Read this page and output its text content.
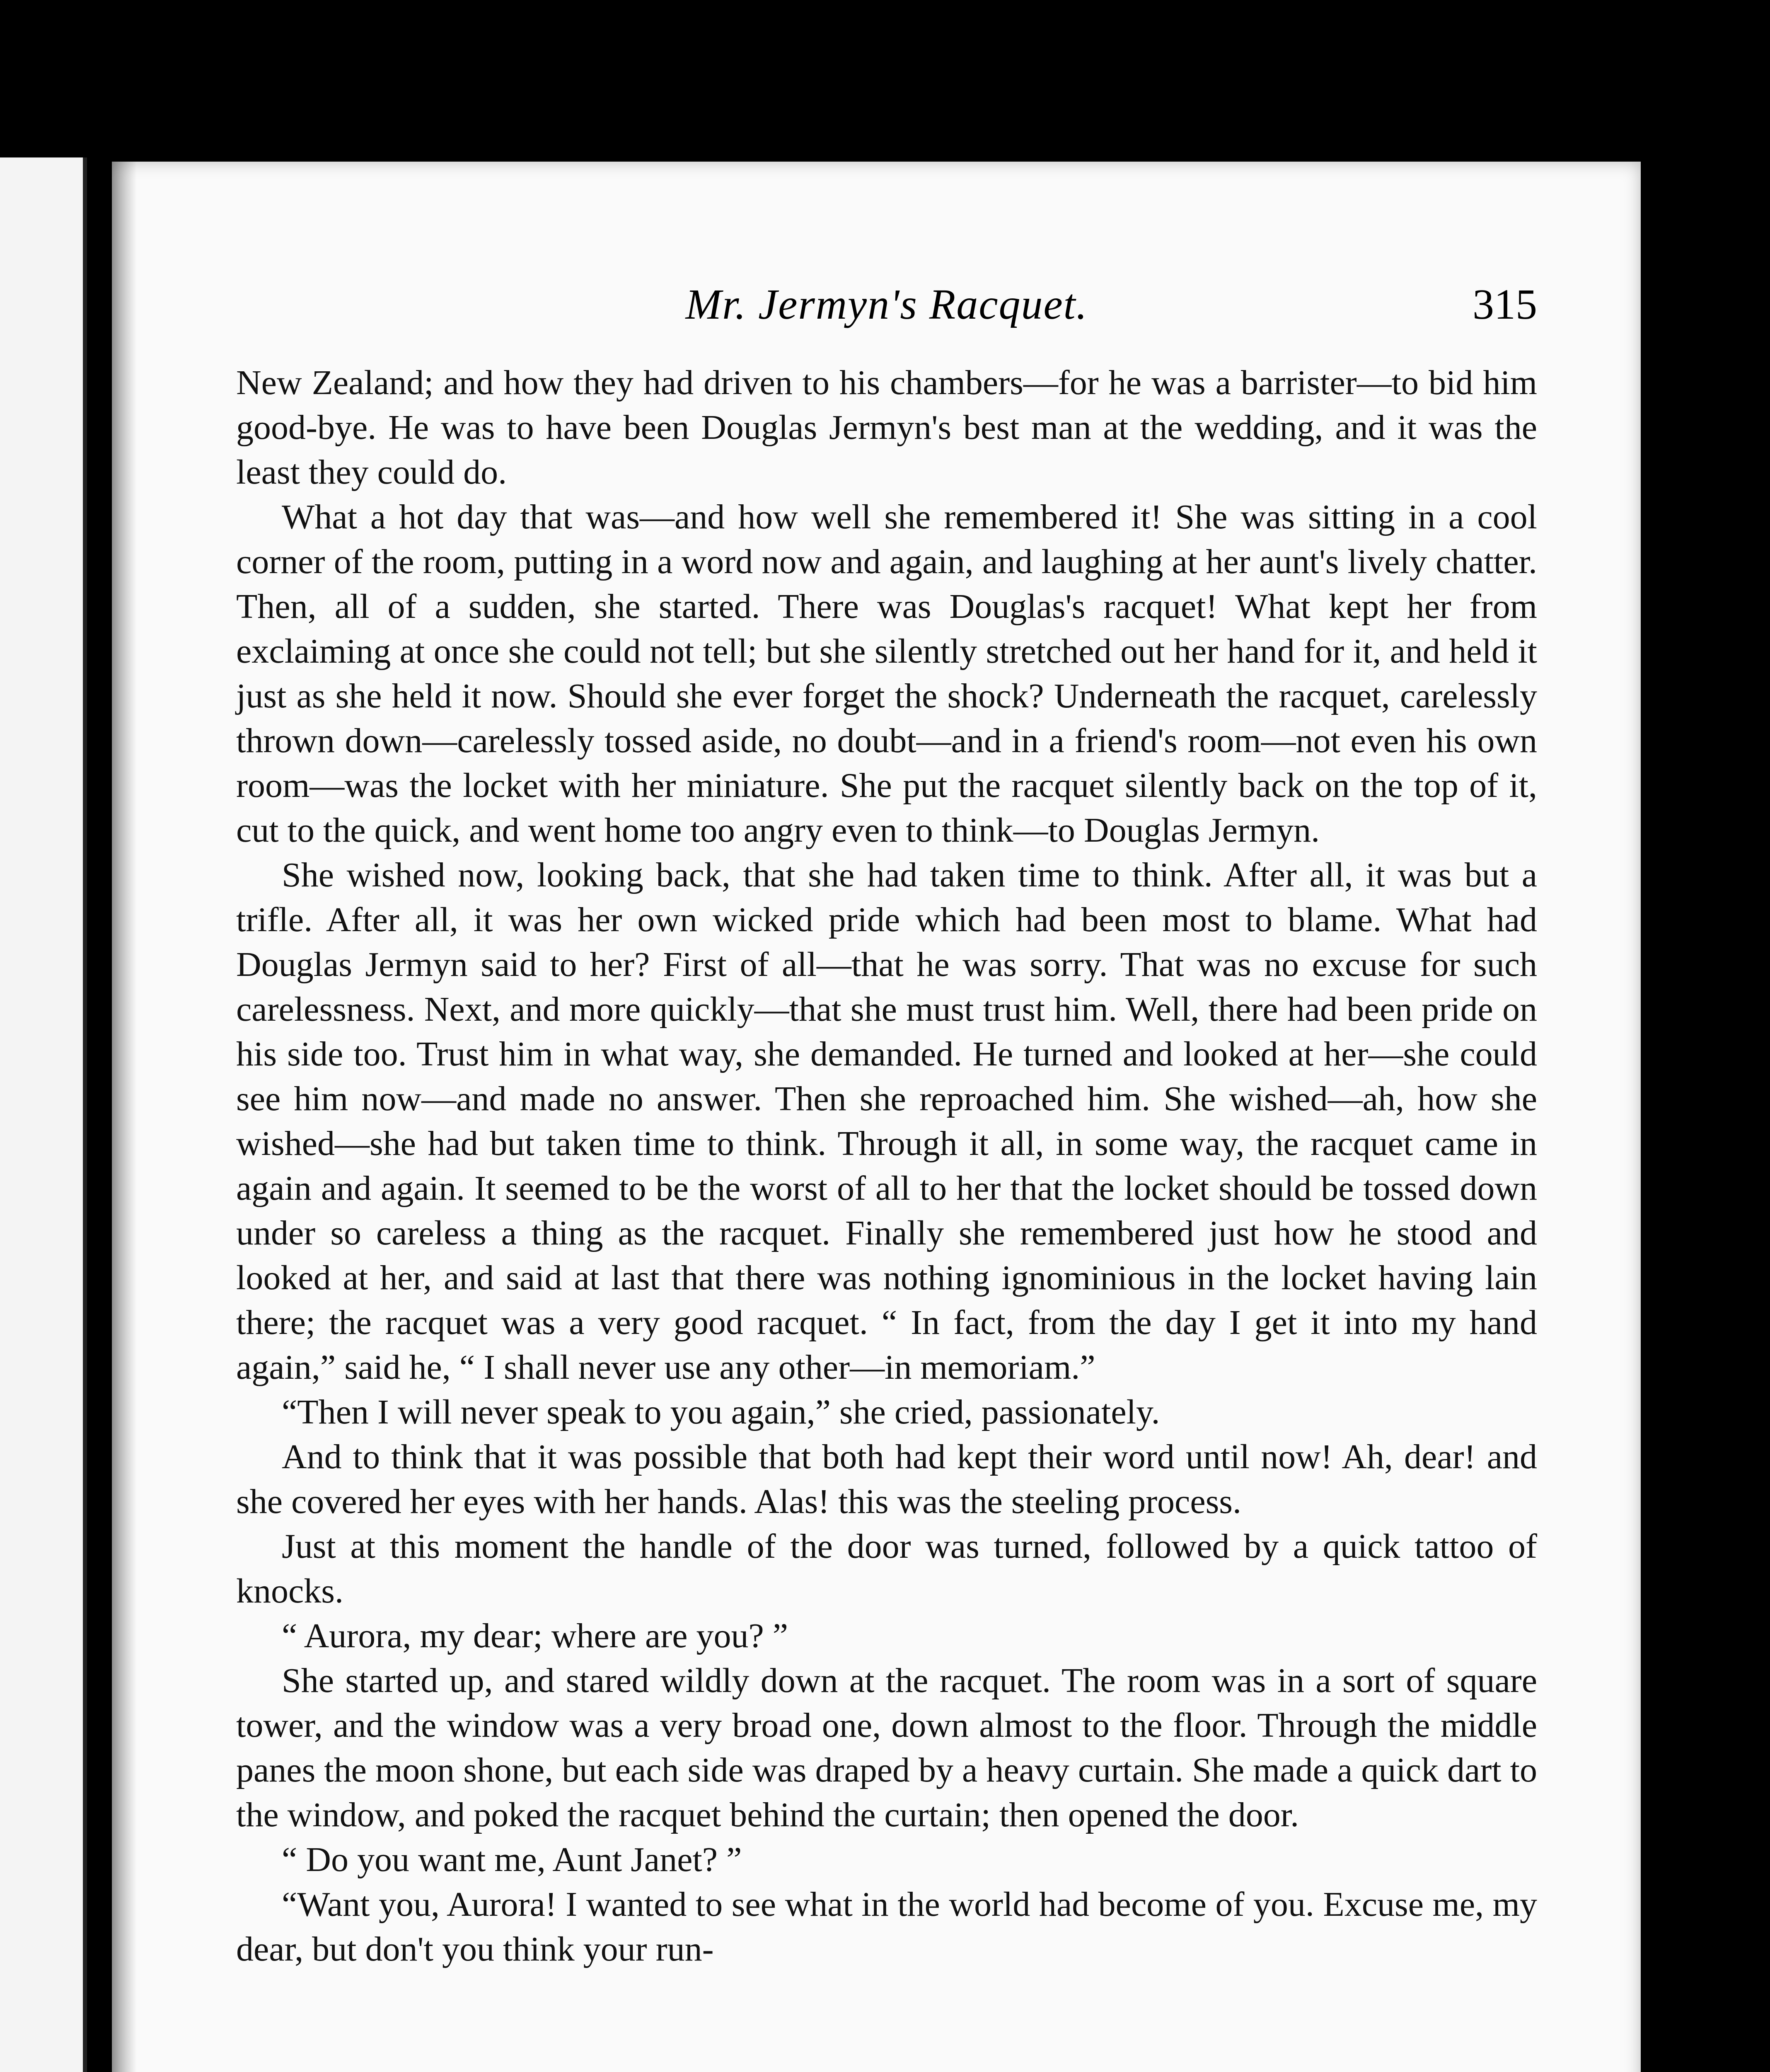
Mr. Jermyn's Racquet.	315

New Zealand; and how they had driven to his chambers—for he was a barrister—to bid him good-bye. He was to have been Douglas Jermyn's best man at the wedding, and it was the least they could do.

What a hot day that was—and how well she remembered it! She was sitting in a cool corner of the room, putting in a word now and again, and laughing at her aunt's lively chatter. Then, all of a sudden, she started. There was Douglas's racquet! What kept her from exclaiming at once she could not tell; but she silently stretched out her hand for it, and held it just as she held it now. Should she ever forget the shock? Underneath the racquet, carelessly thrown down—carelessly tossed aside, no doubt—and in a friend's room—not even his own room—was the locket with her miniature. She put the racquet silently back on the top of it, cut to the quick, and went home too angry even to think—to Douglas Jermyn.

She wished now, looking back, that she had taken time to think. After all, it was but a trifle. After all, it was her own wicked pride which had been most to blame. What had Douglas Jermyn said to her? First of all—that he was sorry. That was no excuse for such carelessness. Next, and more quickly—that she must trust him. Well, there had been pride on his side too. Trust him in what way, she demanded. He turned and looked at her—she could see him now—and made no answer. Then she reproached him. She wished—ah, how she wished—she had but taken time to think. Through it all, in some way, the racquet came in again and again. It seemed to be the worst of all to her that the locket should be tossed down under so careless a thing as the racquet. Finally she remembered just how he stood and looked at her, and said at last that there was nothing ignominious in the locket having lain there; the racquet was a very good racquet. “ In fact, from the day I get it into my hand again,” said he, “ I shall never use any other—in memoriam.”

“Then I will never speak to you again,” she cried, passionately.

And to think that it was possible that both had kept their word until now! Ah, dear! and she covered her eyes with her hands. Alas! this was the steeling process.

Just at this moment the handle of the door was turned, followed by a quick tattoo of knocks.

“ Aurora, my dear; where are you? ”

She started up, and stared wildly down at the racquet. The room was in a sort of square tower, and the window was a very broad one, down almost to the floor. Through the middle panes the moon shone, but each side was draped by a heavy curtain. She made a quick dart to the window, and poked the racquet behind the curtain; then opened the door.

“ Do you want me, Aunt Janet? ”

“Want you, Aurora! I wanted to see what in the world had become of you. Excuse me, my dear, but don't you think your run-
